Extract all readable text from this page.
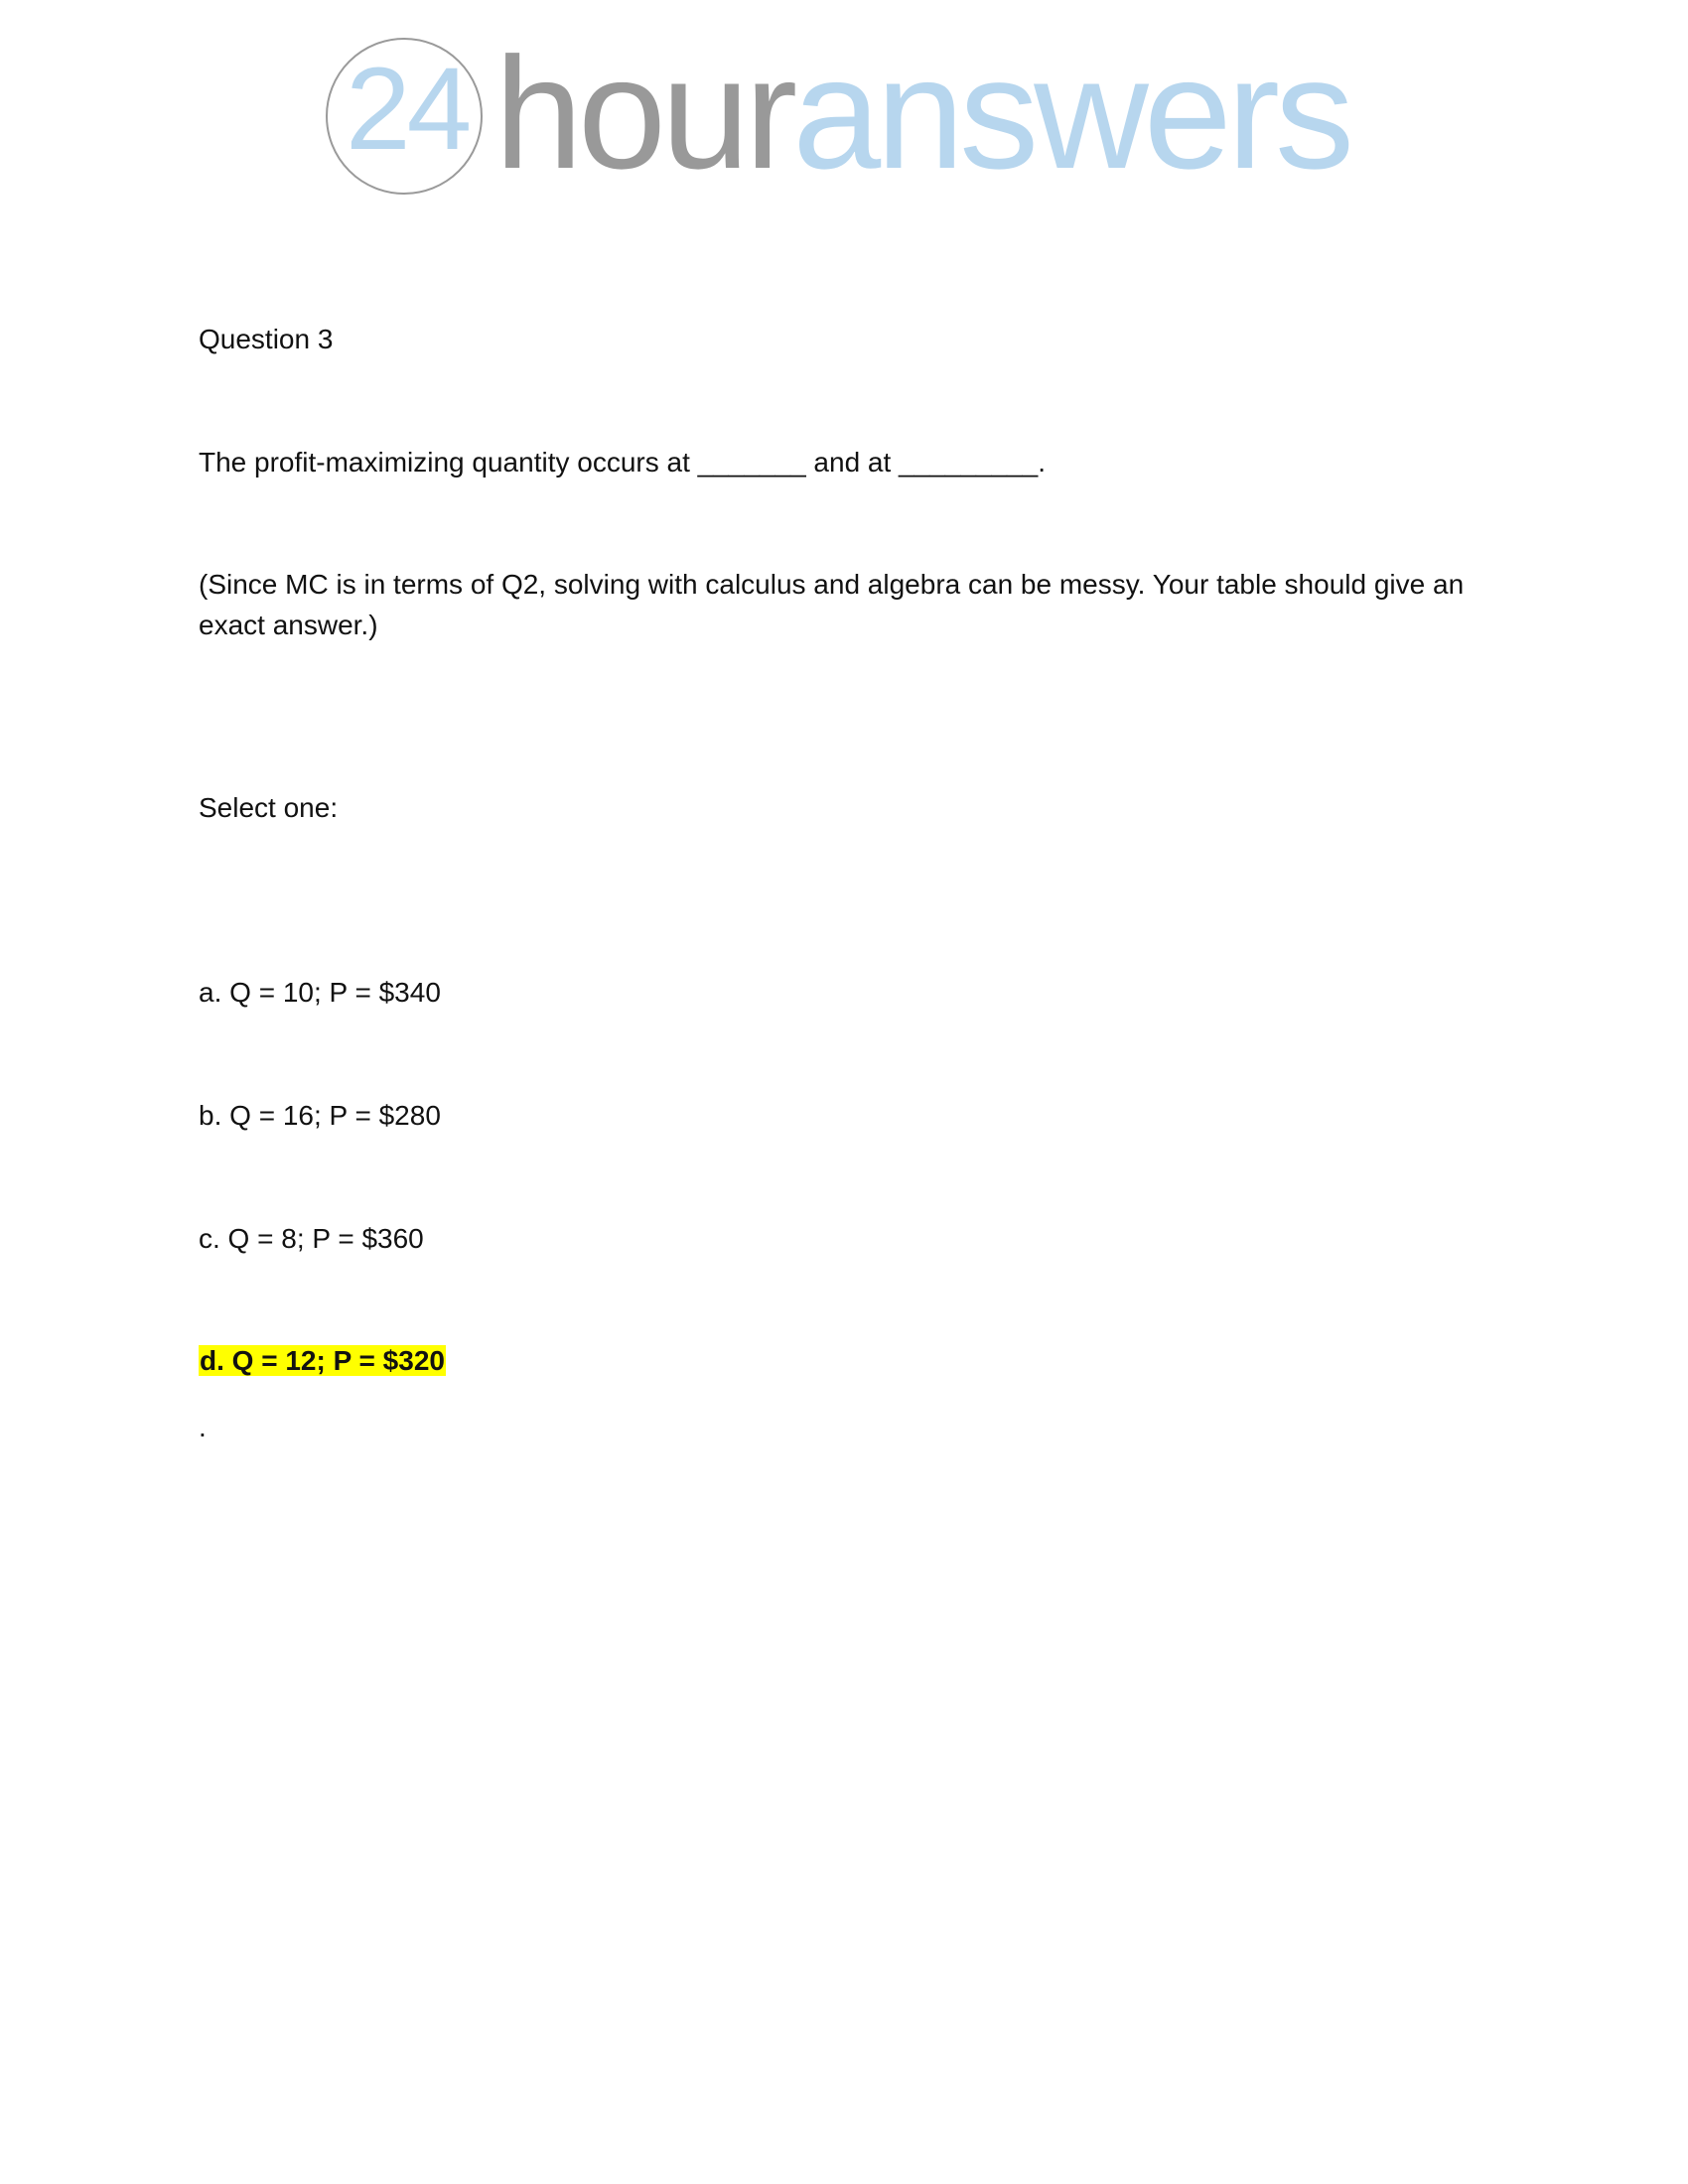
24 houranswers
Question 3
The profit-maximizing quantity occurs at _______ and at _________.
(Since MC is in terms of Q2, solving with calculus and algebra can be messy. Your table should give an exact answer.)
Select one:
a. Q = 10; P = $340
b. Q = 16; P = $280
c. Q = 8; P = $360
d. Q = 12; P = $320
.
